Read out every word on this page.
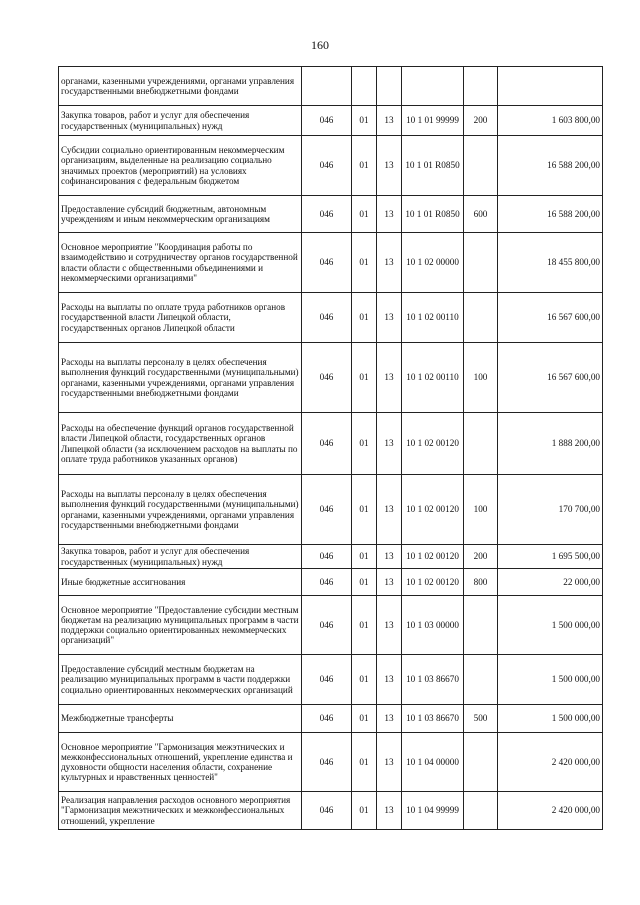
160
органами, казенными учреждениями, органами управления государственными внебюджетными фондами						
Закупка товаров, работ и услуг для обеспечения государственных (муниципальных) нужд	046	01	13	10 1 01 99999	200	1 603 800,00
Субсидии социально ориентированным некоммерческим организациям, выделенные на реализацию социально значимых проектов (мероприятий) на условиях софинансирования с федеральным бюджетом	046	01	13	10 1 01 R0850		16 588 200,00
Предоставление субсидий бюджетным, автономным учреждениям и иным некоммерческим организациям	046	01	13	10 1 01 R0850	600	16 588 200,00
Основное мероприятие "Координация работы по взаимодействию и сотрудничеству органов государственной власти области с общественными объединениями и некоммерческими организациями"	046	01	13	10 1 02 00000		18 455 800,00
Расходы на выплаты по оплате труда работников органов государственной власти Липецкой области, государственных органов Липецкой области	046	01	13	10 1 02 00110		16 567 600,00
Расходы на выплаты персоналу в целях обеспечения выполнения функций государственными (муниципальными) органами, казенными учреждениями, органами управления государственными внебюджетными фондами	046	01	13	10 1 02 00110	100	16 567 600,00
Расходы на обеспечение функций органов государственной власти Липецкой области, государственных органов Липецкой области (за исключением расходов на выплаты по оплате труда работников указанных органов)	046	01	13	10 1 02 00120		1 888 200,00
Расходы на выплаты персоналу в целях обеспечения выполнения функций государственными (муниципальными) органами, казенными учреждениями, органами управления государственными внебюджетными фондами	046	01	13	10 1 02 00120	100	170 700,00
Закупка товаров, работ и услуг для обеспечения государственных (муниципальных) нужд	046	01	13	10 1 02 00120	200	1 695 500,00
Иные бюджетные ассигнования	046	01	13	10 1 02 00120	800	22 000,00
Основное мероприятие "Предоставление субсидии местным бюджетам на реализацию муниципальных программ в части поддержки социально ориентированных некоммерческих организаций"	046	01	13	10 1 03 00000		1 500 000,00
Предоставление субсидий местным бюджетам на реализацию муниципальных программ в части поддержки социально ориентированных некоммерческих организаций	046	01	13	10 1 03 86670		1 500 000,00
Межбюджетные трансферты	046	01	13	10 1 03 86670	500	1 500 000,00
Основное мероприятие "Гармонизация межэтнических и межконфессиональных отношений, укрепление единства и духовности общности населения области, сохранение культурных и нравственных ценностей"	046	01	13	10 1 04 00000		2 420 000,00
Реализация направления расходов основного мероприятия "Гармонизация межэтнических и межконфессиональных отношений, укрепление	046	01	13	10 1 04 99999		2 420 000,00
